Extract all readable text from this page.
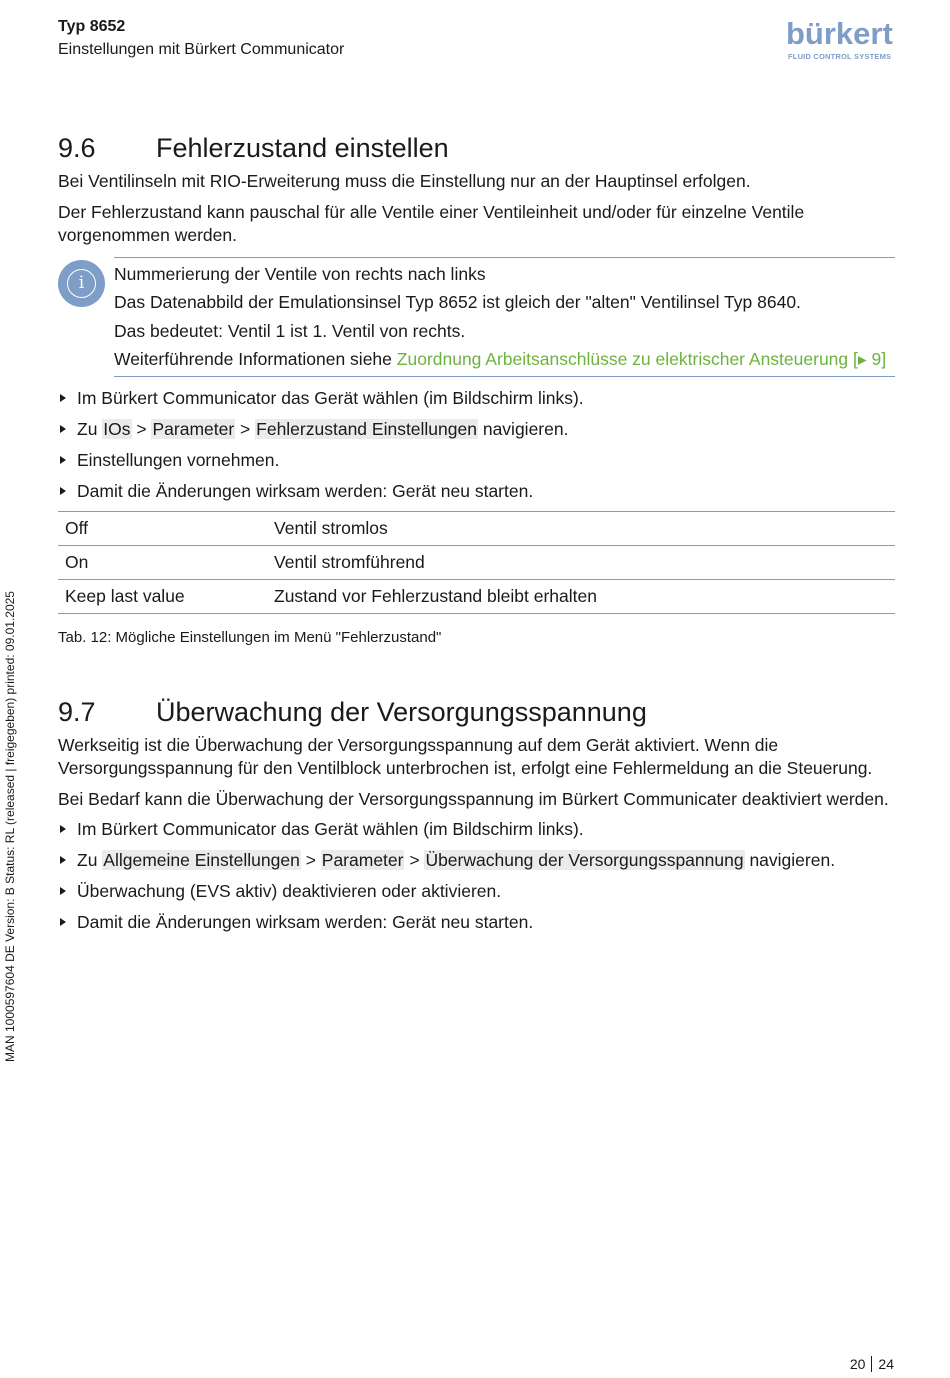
Typ 8652
Einstellungen mit Bürkert Communicator	bürkert
FLUID CONTROL SYSTEMS
MAN 1000597604 DE Version: B Status: RL (released | freigegeben) printed: 09.01.2025
9.6	Fehlerzustand einstellen

Bei Ventilinseln mit RIO-Erweiterung muss die Einstellung nur an der Hauptinsel erfolgen.

Der Fehlerzustand kann pauschal für alle Ventile einer Ventileinheit und/oder für einzelne Ventile vorgenommen werden.

i	Nummerierung der Ventile von rechts nach links

Das Datenabbild der Emulationsinsel Typ 8652 ist gleich der "alten" Ventilinsel Typ 8640.

Das bedeutet: Ventil 1 ist 1. Ventil von rechts.

Weiterführende Informationen siehe Zuordnung Arbeitsanschlüsse zu elektrischer Ansteuerung [▸ 9]

Im Bürkert Communicator das Gerät wählen (im Bildschirm links).
Zu IOs > Parameter > Fehlerzustand Einstellungen navigieren.
Einstellungen vornehmen.
Damit die Änderungen wirksam werden: Gerät neu starten.
Off	Ventil stromlos
On	Ventil stromführend
Keep last value	Zustand vor Fehlerzustand bleibt erhalten
Tab. 12: Mögliche Einstellungen im Menü "Fehlerzustand"
9.7	Überwachung der Versorgungsspannung

Werkseitig ist die Überwachung der Versorgungsspannung auf dem Gerät aktiviert. Wenn die Versorgungsspannung für den Ventilblock unterbrochen ist, erfolgt eine Fehlermeldung an die Steuerung.

Bei Bedarf kann die Überwachung der Versorgungsspannung im Bürkert Communicater deaktiviert werden.

Im Bürkert Communicator das Gerät wählen (im Bildschirm links).
Zu Allgemeine Einstellungen > Parameter > Überwachung der Versorgungsspannung navigieren.
Überwachung (EVS aktiv) deaktivieren oder aktivieren.
Damit die Änderungen wirksam werden: Gerät neu starten.
20 24
